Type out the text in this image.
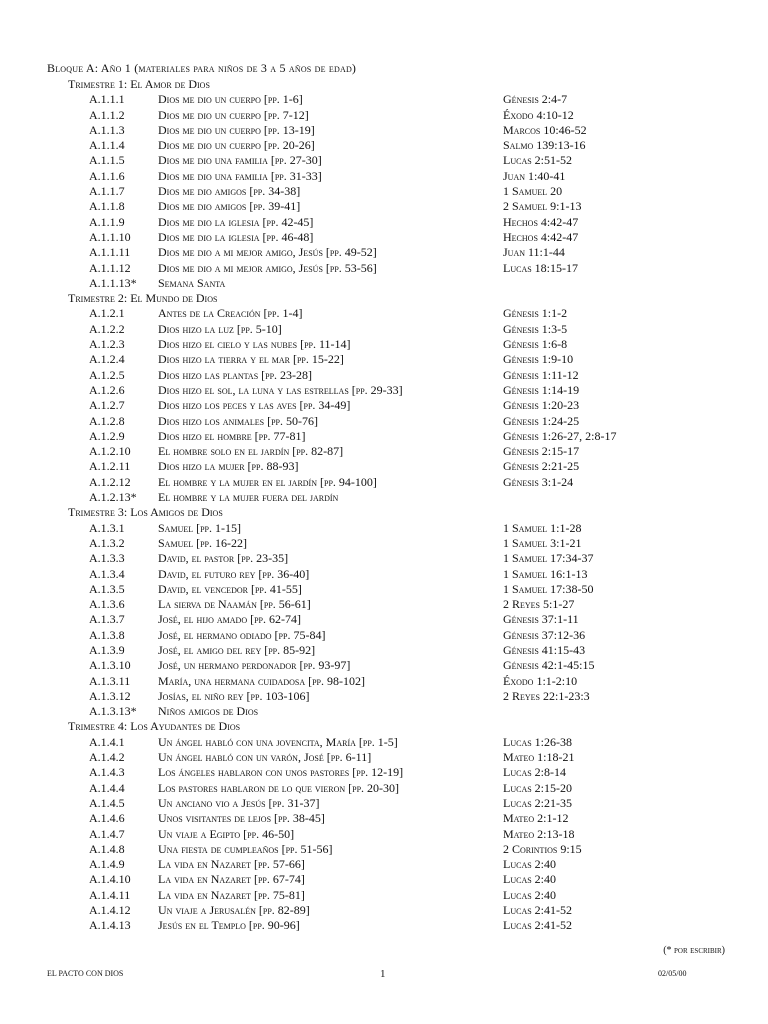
Bloque A: Año 1 (materiales para niños de 3 a 5 años de edad)
Trimestre 1: El Amor de Dios
A.1.1.1	Dios me dio un cuerpo [pp. 1-6]	Génesis 2:4-7
A.1.1.2	Dios me dio un cuerpo [pp. 7-12]	Éxodo 4:10-12
A.1.1.3	Dios me dio un cuerpo [pp. 13-19]	Marcos 10:46-52
A.1.1.4	Dios me dio un cuerpo [pp. 20-26]	Salmo 139:13-16
A.1.1.5	Dios me dio una familia [pp. 27-30]	Lucas 2:51-52
A.1.1.6	Dios me dio una familia [pp. 31-33]	Juan 1:40-41
A.1.1.7	Dios me dio amigos [pp. 34-38]	1 Samuel 20
A.1.1.8	Dios me dio amigos [pp. 39-41]	2 Samuel 9:1-13
A.1.1.9	Dios me dio la iglesia [pp. 42-45]	Hechos 4:42-47
A.1.1.10 Dios me dio la iglesia [pp. 46-48]	Hechos 4:42-47
A.1.1.11 Dios me dio a mi mejor amigo, Jesús [pp. 49-52]	Juan 11:1-44
A.1.1.12 Dios me dio a mi mejor amigo, Jesús [pp. 53-56]	Lucas 18:15-17
A.1.1.13* Semana Santa
Trimestre 2: El Mundo de Dios
A.1.2.1	Antes de la Creación [pp. 1-4]	Génesis 1:1-2
A.1.2.2	Dios hizo la luz [pp. 5-10]	Génesis 1:3-5
A.1.2.3	Dios hizo el cielo y las nubes [pp. 11-14]	Génesis 1:6-8
A.1.2.4	Dios hizo la tierra y el mar [pp. 15-22]	Génesis 1:9-10
A.1.2.5	Dios hizo las plantas [pp. 23-28]	Génesis 1:11-12
A.1.2.6	Dios hizo el sol, la luna y las estrellas [pp. 29-33]	Génesis 1:14-19
A.1.2.7	Dios hizo los peces y las aves [pp. 34-49]	Génesis 1:20-23
A.1.2.8	Dios hizo los animales [pp. 50-76]	Génesis 1:24-25
A.1.2.9	Dios hizo el hombre [pp. 77-81]	Génesis 1:26-27, 2:8-17
A.1.2.10 El hombre solo en el jardín [pp. 82-87]	Génesis 2:15-17
A.1.2.11 Dios hizo la mujer [pp. 88-93]	Génesis 2:21-25
A.1.2.12 El hombre y la mujer en el jardín [pp. 94-100]	Génesis 3:1-24
A.1.2.13* El hombre y la mujer fuera del jardín
Trimestre 3: Los Amigos de Dios
A.1.3.1	Samuel [pp. 1-15]	1 Samuel 1:1-28
A.1.3.2	Samuel [pp. 16-22]	1 Samuel 3:1-21
A.1.3.3	David, el pastor [pp. 23-35]	1 Samuel 17:34-37
A.1.3.4	David, el futuro rey [pp. 36-40]	1 Samuel 16:1-13
A.1.3.5	David, el vencedor [pp. 41-55]	1 Samuel 17:38-50
A.1.3.6	La sierva de Naamán [pp. 56-61]	2 Reyes 5:1-27
A.1.3.7	José, el hijo amado [pp. 62-74]	Génesis 37:1-11
A.1.3.8	José, el hermano odiado [pp. 75-84]	Génesis 37:12-36
A.1.3.9	José, el amigo del rey [pp. 85-92]	Génesis 41:15-43
A.1.3.10 José, un hermano perdonador [pp. 93-97]	Génesis 42:1-45:15
A.1.3.11 María, una hermana cuidadosa [pp. 98-102]	Éxodo 1:1-2:10
A.1.3.12 Josías, el niño rey [pp. 103-106]	2 Reyes 22:1-23:3
A.1.3.13* Niños amigos de Dios
Trimestre 4: Los Ayudantes de Dios
A.1.4.1	Un ángel habló con una jovencita, María [pp. 1-5]	Lucas 1:26-38
A.1.4.2	Un ángel habló con un varón, José [pp. 6-11]	Mateo 1:18-21
A.1.4.3	Los ángeles hablaron con unos pastores [pp. 12-19]	Lucas 2:8-14
A.1.4.4	Los pastores hablaron de lo que vieron [pp. 20-30]	Lucas 2:15-20
A.1.4.5	Un anciano vio a Jesús [pp. 31-37]	Lucas 2:21-35
A.1.4.6	Unos visitantes de lejos [pp. 38-45]	Mateo 2:1-12
A.1.4.7	Un viaje a Egipto [pp. 46-50]	Mateo 2:13-18
A.1.4.8	Una fiesta de cumpleaños [pp. 51-56]	2 Corintios 9:15
A.1.4.9	La vida en Nazaret [pp. 57-66]	Lucas 2:40
A.1.4.10 La vida en Nazaret [pp. 67-74]	Lucas 2:40
A.1.4.11 La vida en Nazaret [pp. 75-81]	Lucas 2:40
A.1.4.12 Un viaje a Jerusalén [pp. 82-89]	Lucas 2:41-52
A.1.4.13 Jesús en el Templo [pp. 90-96]	Lucas 2:41-52
(* por escribir)
EL PACTO CON DIOS	1	02/05/00
